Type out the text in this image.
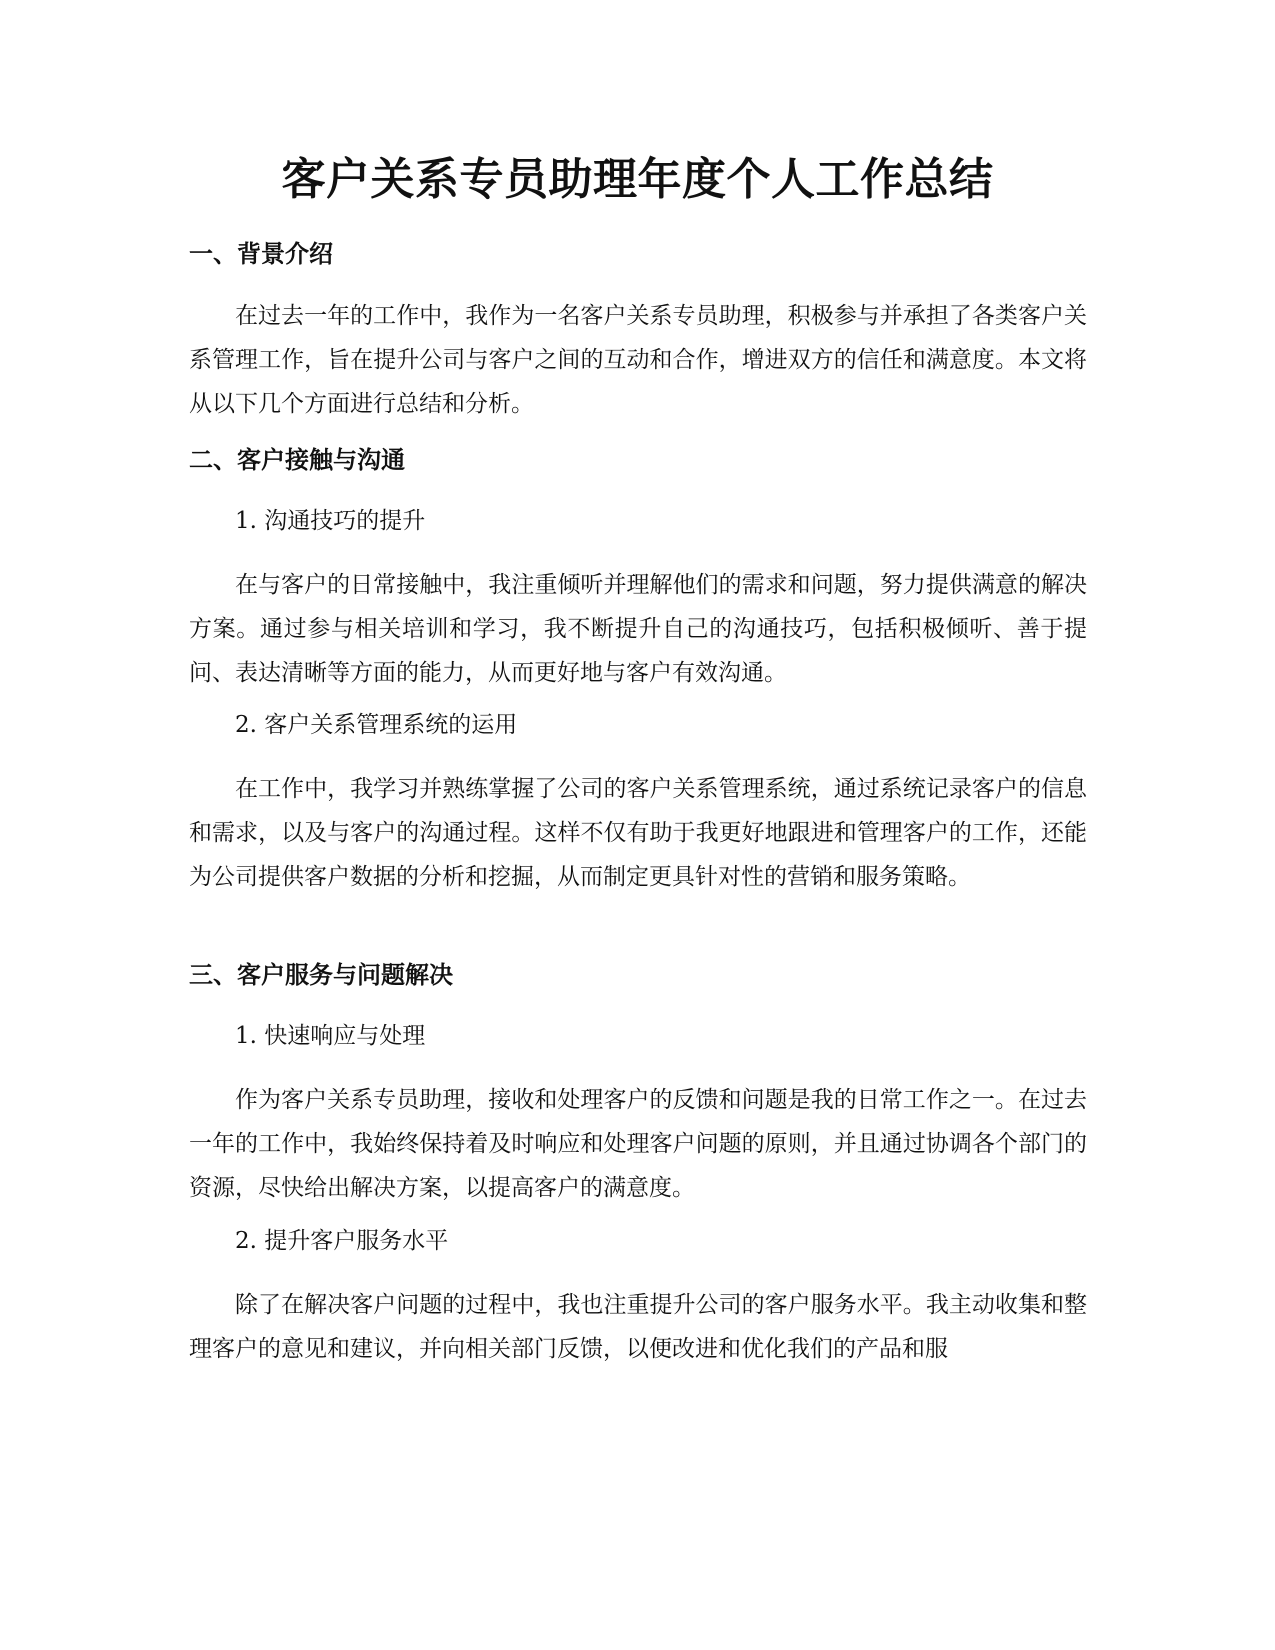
客户关系专员助理年度个人工作总结
一、背景介绍
在过去一年的工作中，我作为一名客户关系专员助理，积极参与并承担了各类客户关系管理工作，旨在提升公司与客户之间的互动和合作，增进双方的信任和满意度。本文将从以下几个方面进行总结和分析。
二、客户接触与沟通
1. 沟通技巧的提升
在与客户的日常接触中，我注重倾听并理解他们的需求和问题，努力提供满意的解决方案。通过参与相关培训和学习，我不断提升自己的沟通技巧，包括积极倾听、善于提问、表达清晰等方面的能力，从而更好地与客户有效沟通。
2. 客户关系管理系统的运用
在工作中，我学习并熟练掌握了公司的客户关系管理系统，通过系统记录客户的信息和需求，以及与客户的沟通过程。这样不仅有助于我更好地跟进和管理客户的工作，还能为公司提供客户数据的分析和挖掘，从而制定更具针对性的营销和服务策略。
三、客户服务与问题解决
1. 快速响应与处理
作为客户关系专员助理，接收和处理客户的反馈和问题是我的日常工作之一。在过去一年的工作中，我始终保持着及时响应和处理客户问题的原则，并且通过协调各个部门的资源，尽快给出解决方案，以提高客户的满意度。
2. 提升客户服务水平
除了在解决客户问题的过程中，我也注重提升公司的客户服务水平。我主动收集和整理客户的意见和建议，并向相关部门反馈，以便改进和优化我们的产品和服
